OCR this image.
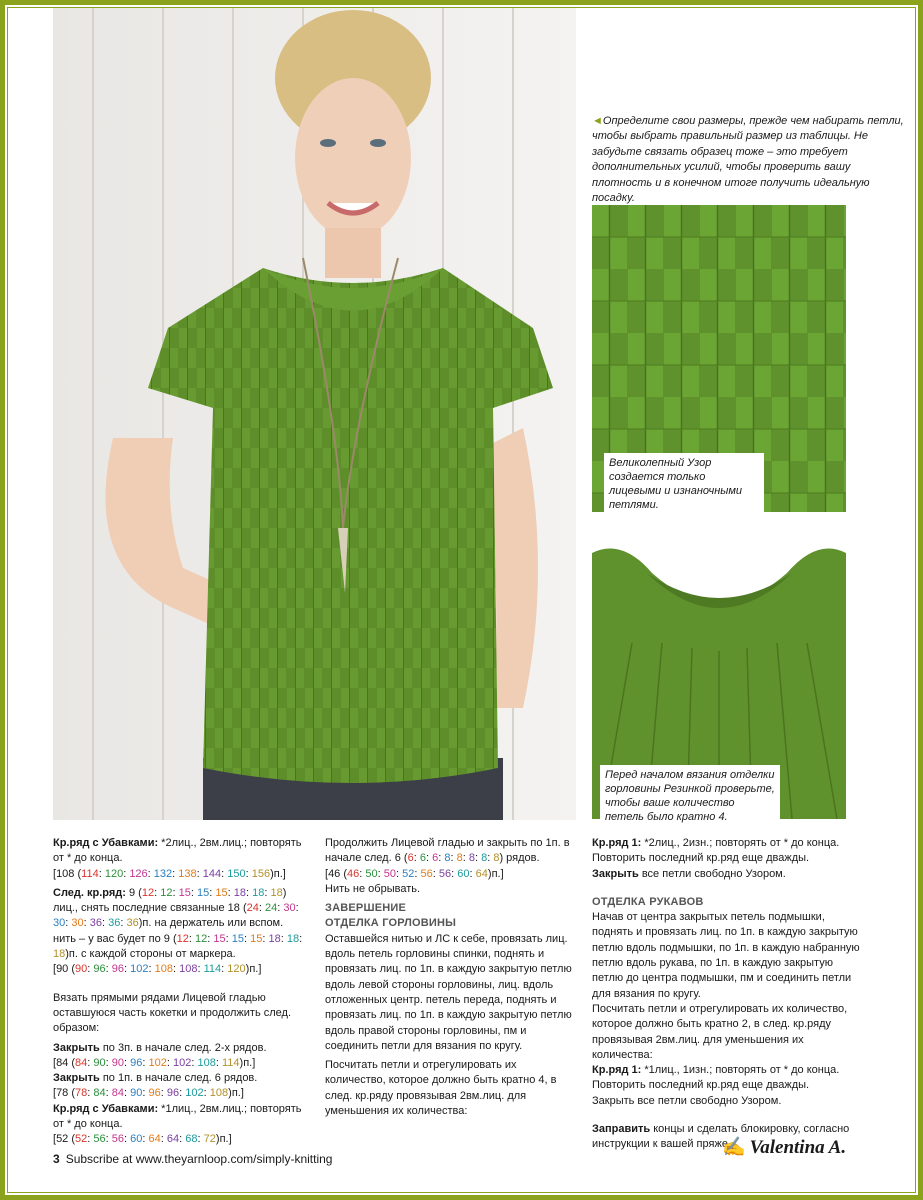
◄Определите свои размеры, прежде чем набирать петли, чтобы выбрать правильный размер из таблицы. Не забудьте связать образец тоже – это требует дополнительных усилий, чтобы проверить вашу плотность и в конечном итоге получить идеальную посадку.
Великолепный Узор создается только лицевыми и изнаночными петлями.
Перед началом вязания отделки горловины Резинкой проверьте, чтобы ваше количество петель было кратно 4.

Кр.ряд с Убавками: *2лиц., 2вм.лиц.; повторять от * до конца.
[108 (114: 120: 126: 132: 138: 144: 150: 156)п.]

След. кр.ряд: 9 (12: 12: 15: 15: 15: 18: 18: 18) лиц., снять последние связанные 18 (24: 24: 30: 30: 30: 36: 36: 36)п. на держатель или вспом. нить – у вас будет по 9 (12: 12: 15: 15: 15: 18: 18: 18)п. с каждой стороны от маркера.
[90 (90: 96: 96: 102: 108: 108: 114: 120)п.]

Вязать прямыми рядами Лицевой гладью оставшуюся часть кокетки и продолжить след. образом:

Закрыть по 3п. в начале след. 2-х рядов.
[84 (84: 90: 90: 96: 102: 102: 108: 114)п.]

Закрыть по 1п. в начале след. 6 рядов.
[78 (78: 84: 84: 90: 96: 96: 102: 108)п.]

Кр.ряд с Убавками: *1лиц., 2вм.лиц.; повторять от * до конца.
[52 (52: 56: 56: 60: 64: 64: 68: 72)п.]

Продолжить Лицевой гладью и закрыть по 1п. в начале след. 6 (6: 6: 6: 8: 8: 8: 8: 8) рядов.
[46 (46: 50: 50: 52: 56: 56: 60: 64)п.]

Нить не обрывать.

ЗАВЕРШЕНИЕ
ОТДЕЛКА ГОРЛОВИНЫ

Оставшейся нитью и ЛС к себе, провязать лиц. вдоль петель горловины спинки, поднять и провязать лиц. по 1п. в каждую закрытую петлю вдоль левой стороны горловины, лиц. вдоль отложенных центр. петель переда, поднять и провязать лиц. по 1п. в каждую закрытую петлю вдоль правой стороны горловины, пм и соединить петли для вязания по кругу.

Посчитать петли и отрегулировать их количество, которое должно быть кратно 4, в след. кр.ряду провязывая 2вм.лиц. для уменьшения их количества:

Кр.ряд 1: *2лиц., 2изн.; повторять от * до конца.

Повторить последний кр.ряд еще дважды.

Закрыть все петли свободно Узором.

ОТДЕЛКА РУКАВОВ

Начав от центра закрытых петель подмышки, поднять и провязать лиц. по 1п. в каждую закрытую петлю вдоль подмышки, по 1п. в каждую набранную петлю вдоль рукава, по 1п. в каждую закрытую петлю до центра подмышки, пм и соединить петли для вязания по кругу.

Посчитать петли и отрегулировать их количество, которое должно быть кратно 2, в след. кр.ряду провязывая 2вм.лиц. для уменьшения их количества:

Кр.ряд 1: *1лиц., 1изн.; повторять от * до конца.

Повторить последний кр.ряд еще дважды.

Закрыть все петли свободно Узором.

Заправить концы и сделать блокировку, согласно инструкции к вашей пряже.

3 Subscribe at www.theyarnloop.com/simply-knitting
✍ Valentina A.
